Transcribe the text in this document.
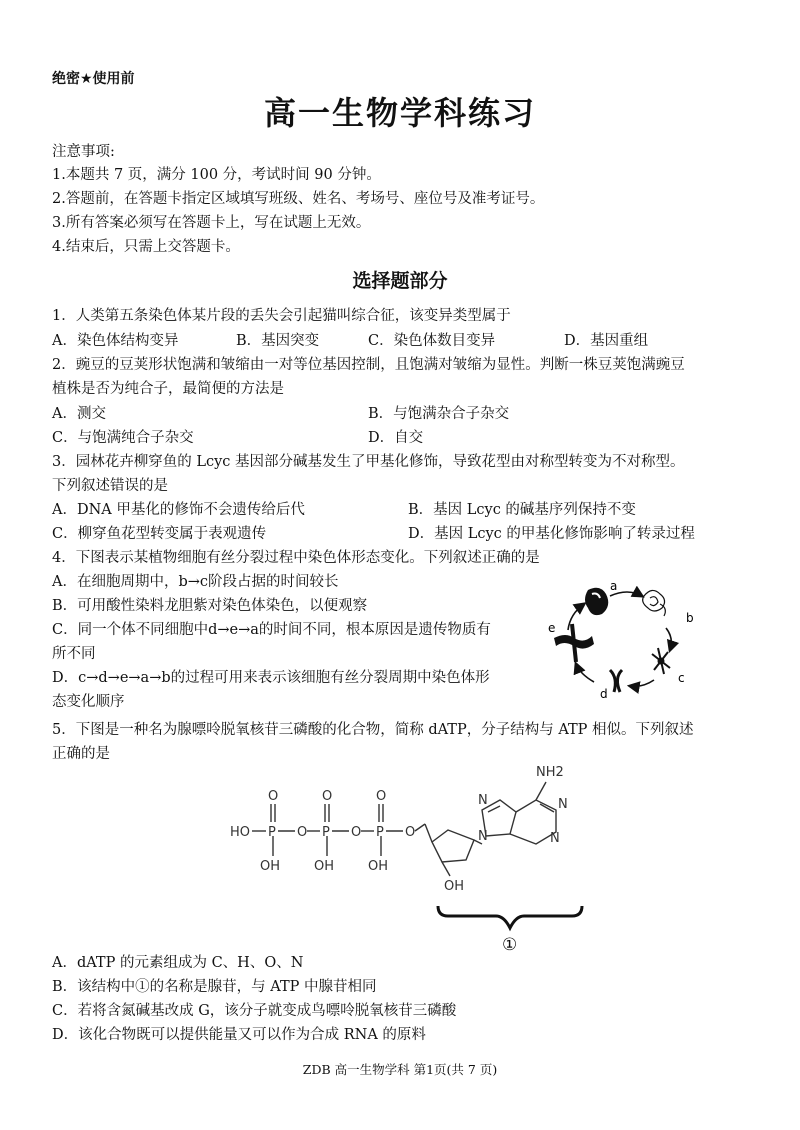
绝密★使用前
高一生物学科练习
注意事项:
1.本题共 7 页，满分 100 分，考试时间 90 分钟。
2.答题前，在答题卡指定区域填写班级、姓名、考场号、座位号及准考证号。
3.所有答案必须写在答题卡上，写在试题上无效。
4.结束后，只需上交答题卡。
选择题部分
1．人类第五条染色体某片段的丢失会引起猫叫综合征，该变异类型属于
A．染色体结构变异	B．基因突变	C．染色体数目变异	D．基因重组
2．豌豆的豆荚形状饱满和皱缩由一对等位基因控制，且饱满对皱缩为显性。判断一株豆荚饱满豌豆
植株是否为纯合子，最简便的方法是
A．测交	B．与饱满杂合子杂交
C．与饱满纯合子杂交	D．自交
3．园林花卉柳穿鱼的 Lcyc 基因部分碱基发生了甲基化修饰，导致花型由对称型转变为不对称型。
下列叙述错误的是
A．DNA 甲基化的修饰不会遗传给后代	B．基因 Lcyc 的碱基序列保持不变
C．柳穿鱼花型转变属于表观遗传	D．基因 Lcyc 的甲基化修饰影响了转录过程
4．下图表示某植物细胞有丝分裂过程中染色体形态变化。下列叙述正确的是
A．在细胞周期中，b→c阶段占据的时间较长
B．可用酸性染料龙胆紫对染色体染色，以便观察
C．同一个体不同细胞中d→e→a的时间不同，根本原因是遗传物质有
所不同
D．c→d→e→a→b的过程可用来表示该细胞有丝分裂周期中染色体形
态变化顺序
a
b
c
d
e
5．下图是一种名为腺嘌呤脱氧核苷三磷酸的化合物，简称 dATP，分子结构与 ATP 相似。下列叙述
正确的是
HO P O P O P O
O	O	O
OH	OH	OH
OH
NH2
N	N
N	N
①
A．dATP 的元素组成为 C、H、O、N
B．该结构中①的名称是腺苷，与 ATP 中腺苷相同
C．若将含氮碱基改成 G，该分子就变成鸟嘌呤脱氧核苷三磷酸
D．该化合物既可以提供能量又可以作为合成 RNA 的原料
ZDB 高一生物学科 第1页(共 7 页)
